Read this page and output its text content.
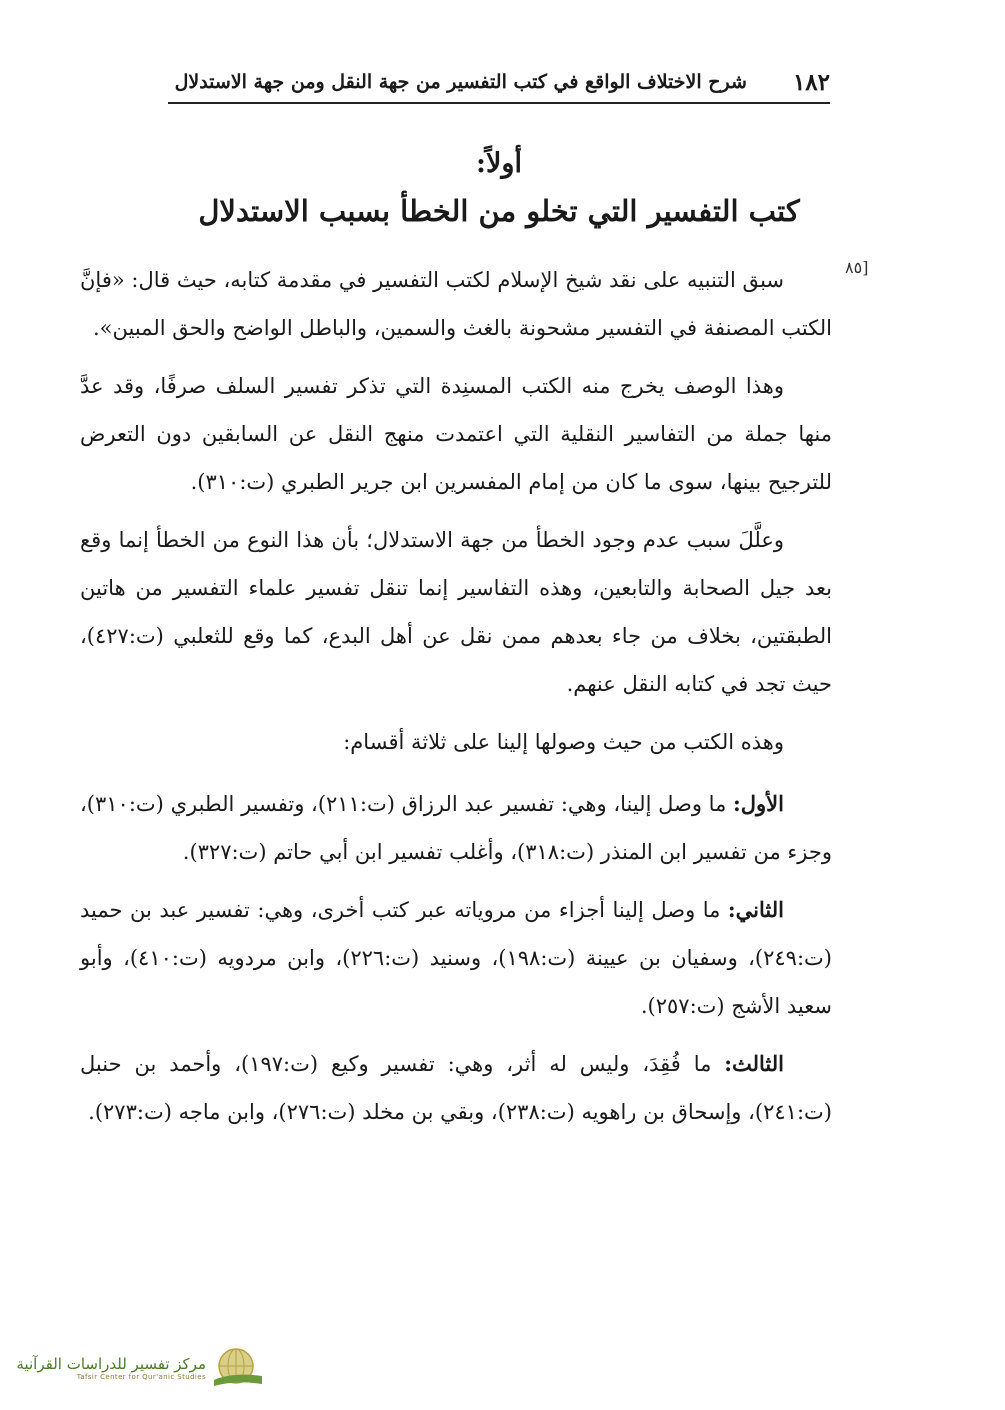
١٨٢
شرح الاختلاف الواقع في كتب التفسير من جهة النقل ومن جهة الاستدلال
أولاً:
كتب التفسير التي تخلو من الخطأ بسبب الاستدلال
[٨٥

سبق التنبيه على نقد شيخ الإسلام لكتب التفسير في مقدمة كتابه، حيث قال: «فإنَّ الكتب المصنفة في التفسير مشحونة بالغث والسمين، والباطل الواضح والحق المبين».

وهذا الوصف يخرج منه الكتب المسنِدة التي تذكر تفسير السلف صرفًا، وقد عدَّ منها جملة من التفاسير النقلية التي اعتمدت منهج النقل عن السابقين دون التعرض للترجيح بينها، سوى ما كان من إمام المفسرين ابن جرير الطبري (ت:٣١٠).

وعلَّلَ سبب عدم وجود الخطأ من جهة الاستدلال؛ بأن هذا النوع من الخطأ إنما وقع بعد جيل الصحابة والتابعين، وهذه التفاسير إنما تنقل تفسير علماء التفسير من هاتين الطبقتين، بخلاف من جاء بعدهم ممن نقل عن أهل البدع، كما وقع للثعلبي (ت:٤٢٧)، حيث تجد في كتابه النقل عنهم.

وهذه الكتب من حيث وصولها إلينا على ثلاثة أقسام:

الأول: ما وصل إلينا، وهي: تفسير عبد الرزاق (ت:٢١١)، وتفسير الطبري (ت:٣١٠)، وجزء من تفسير ابن المنذر (ت:٣١٨)، وأغلب تفسير ابن أبي حاتم (ت:٣٢٧).

الثاني: ما وصل إلينا أجزاء من مروياته عبر كتب أخرى، وهي: تفسير عبد بن حميد (ت:٢٤٩)، وسفيان بن عيينة (ت:١٩٨)، وسنيد (ت:٢٢٦)، وابن مردويه (ت:٤١٠)، وأبو سعيد الأشج (ت:٢٥٧).

الثالث: ما فُقِدَ، وليس له أثر، وهي: تفسير وكيع (ت:١٩٧)، وأحمد بن حنبل (ت:٢٤١)، وإسحاق بن راهويه (ت:٢٣٨)، وبقي بن مخلد (ت:٢٧٦)، وابن ماجه (ت:٢٧٣).

مركز تفسير للدراسات القرآنية
Tafsir Center for Qur'anic Studies
